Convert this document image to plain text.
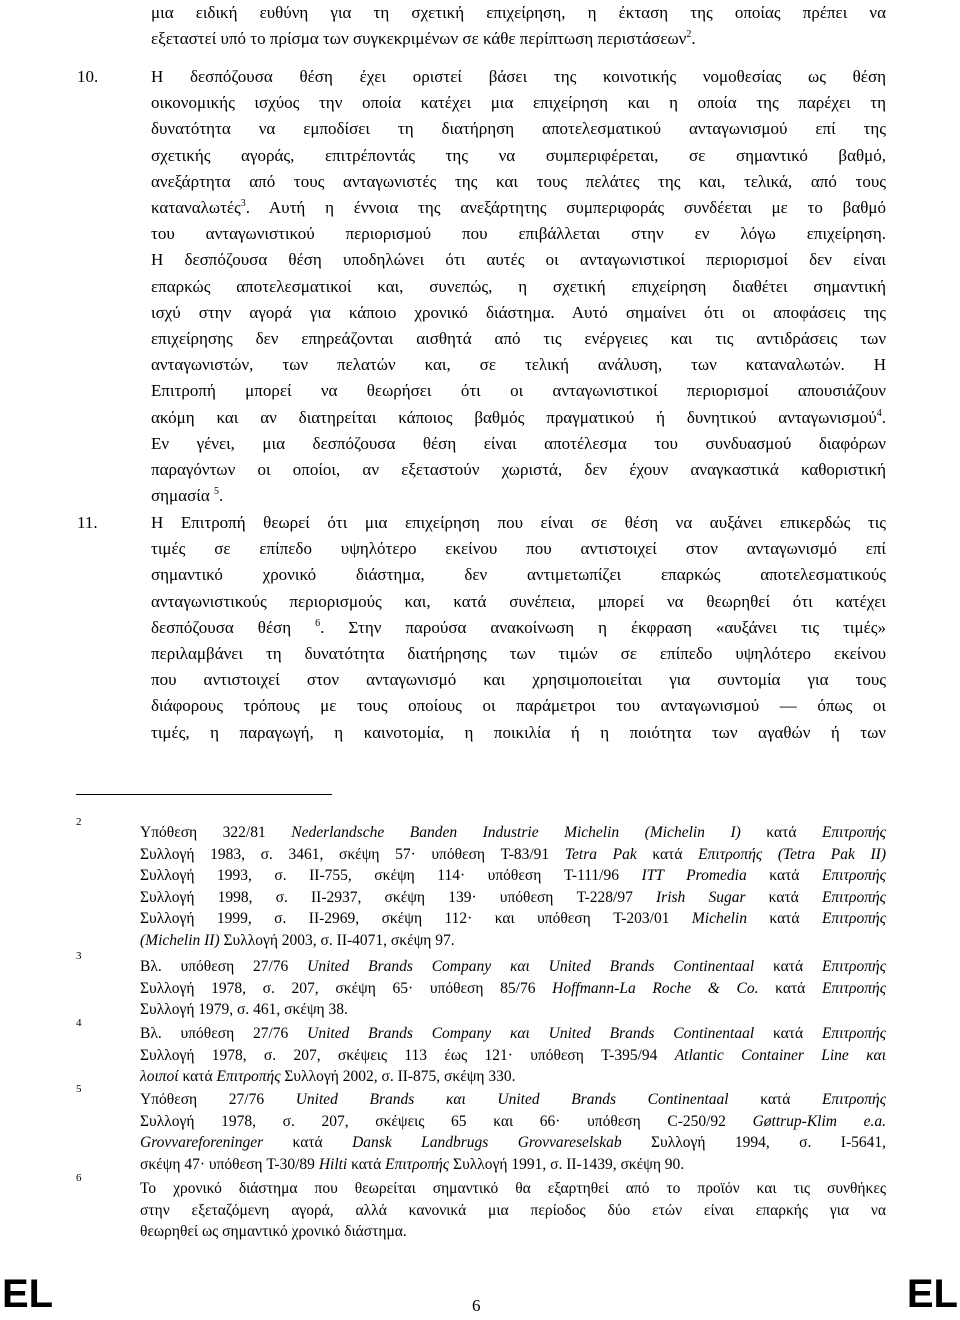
μια ειδική ευθύνη για τη σχετική επιχείρηση, η έκταση της οποίας πρέπει να
εξεταστεί υπό το πρίσμα των συγκεκριμένων σε κάθε περίπτωση περιστάσεων$^2$.
10.	Η δεσπόζουσα θέση έχει οριστεί βάσει της κοινοτικής νομοθεσίας ως θέση
οικονομικής ισχύος την οποία κατέχει μια επιχείρηση και η οποία της παρέχει τη
δυνατότητα να εμποδίσει τη διατήρηση αποτελεσματικού ανταγωνισμού επί της
σχετικής αγοράς, επιτρέποντάς της να συμπεριφέρεται, σε σημαντικό βαθμό,
ανεξάρτητα από τους ανταγωνιστές της και τους πελάτες της και, τελικά, από τους
καταναλωτές$^3$. Αυτή η έννοια της ανεξάρτητης συμπεριφοράς συνδέεται με το βαθμό
του ανταγωνιστικού περιορισμού που επιβάλλεται στην εν λόγω επιχείρηση.
Η δεσπόζουσα θέση υποδηλώνει ότι αυτές οι ανταγωνιστικοί περιορισμοί δεν είναι
επαρκώς αποτελεσματικοί και, συνεπώς, η σχετική επιχείρηση διαθέτει σημαντική
ισχύ στην αγορά για κάποιο χρονικό διάστημα. Αυτό σημαίνει ότι οι αποφάσεις της
επιχείρησης δεν επηρεάζονται αισθητά από τις ενέργειες και τις αντιδράσεις των
ανταγωνιστών, των πελατών και, σε τελική ανάλυση, των καταναλωτών. Η
Επιτροπή μπορεί να θεωρήσει ότι οι ανταγωνιστικοί περιορισμοί απουσιάζουν
ακόμη και αν διατηρείται κάποιος βαθμός πραγματικού ή δυνητικού ανταγωνισμού$^4$.
Εν γένει, μια δεσπόζουσα θέση είναι αποτέλεσμα του συνδυασμού διαφόρων
παραγόντων οι οποίοι, αν εξεταστούν χωριστά, δεν έχουν αναγκαστικά καθοριστική
σημασία $^5$.
11.	Η Επιτροπή θεωρεί ότι μια επιχείρηση που είναι σε θέση να αυξάνει επικερδώς τις
τιμές σε επίπεδο υψηλότερο εκείνου που αντιστοιχεί στον ανταγωνισμό επί
σημαντικό χρονικό διάστημα, δεν αντιμετωπίζει επαρκώς αποτελεσματικούς
ανταγωνιστικούς περιορισμούς και, κατά συνέπεια, μπορεί να θεωρηθεί ότι κατέχει
δεσπόζουσα θέση $^6$. Στην παρούσα ανακοίνωση η έκφραση «αυξάνει τις τιμές»
περιλαμβάνει τη δυνατότητα διατήρησης των τιμών σε επίπεδο υψηλότερο εκείνου
που αντιστοιχεί στον ανταγωνισμό και χρησιμοποιείται για συντομία για τους
διάφορους τρόπους με τους οποίους οι παράμετροι του ανταγωνισμού — όπως οι
τιμές, η παραγωγή, η καινοτομία, η ποικιλία ή η ποιότητα των αγαθών ή των
2
Υπόθεση 322/81 Nederlandsche Banden Industrie Michelin (Michelin I) κατά Επιτροπής
Συλλογή 1983, σ. 3461, σκέψη 57· υπόθεση T-83/91 Tetra Pak κατά Επιτροπής (Tetra Pak II)
Συλλογή 1993, σ. II-755, σκέψη 114· υπόθεση T-111/96 ITT Promedia κατά Επιτροπής
Συλλογή 1998, σ. II-2937, σκέψη 139· υπόθεση T-228/97 Irish Sugar κατά Επιτροπής
Συλλογή 1999, σ. II-2969, σκέψη 112· και υπόθεση T-203/01 Michelin κατά Επιτροπής
(Michelin II) Συλλογή 2003, σ. II-4071, σκέψη 97.
3
Βλ. υπόθεση 27/76 United Brands Company και United Brands Continentaal κατά Επιτροπής
Συλλογή 1978, σ. 207, σκέψη 65· υπόθεση 85/76 Hoffmann-La Roche & Co. κατά Επιτροπής
Συλλογή 1979, σ. 461, σκέψη 38.
4
Βλ. υπόθεση 27/76 United Brands Company και United Brands Continentaal κατά Επιτροπής
Συλλογή 1978, σ. 207, σκέψεις 113 έως 121· υπόθεση T-395/94 Atlantic Container Line και
λοιποί κατά Επιτροπής Συλλογή 2002, σ. II-875, σκέψη 330.
5
Υπόθεση 27/76 United Brands και United Brands Continentaal κατά Επιτροπής
Συλλογή 1978, σ. 207, σκέψεις 65 και 66· υπόθεση C-250/92 Gøttrup-Klim e.a.
Grovvareforeninger κατά Dansk Landbrugs Grovvareselskab Συλλογή 1994, σ. I-5641,
σκέψη 47· υπόθεση T-30/89 Hilti κατά Επιτροπής Συλλογή 1991, σ. II-1439, σκέψη 90.
6
Το χρονικό διάστημα που θεωρείται σημαντικό θα εξαρτηθεί από το προϊόν και τις συνθήκες
στην εξεταζόμενη αγορά, αλλά κανονικά μια περίοδος δύο ετών είναι επαρκής για να
θεωρηθεί ως σημαντικό χρονικό διάστημα.
EL	6	EL
